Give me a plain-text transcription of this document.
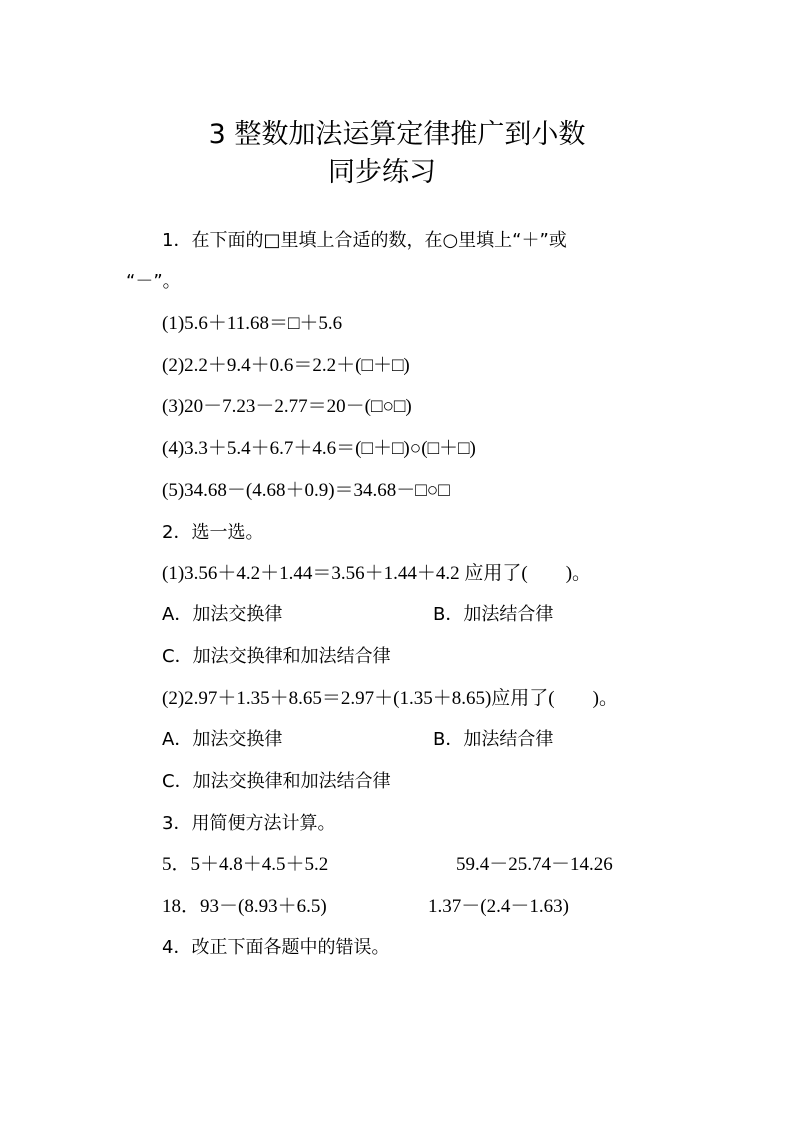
3 整数加法运算定律推广到小数
同步练习
1．在下面的□里填上合适的数，在○里填上“＋”或
“－”。
(1)5.6＋11.68＝□＋5.6
(2)2.2＋9.4＋0.6＝2.2＋(□＋□)
(3)20－7.23－2.77＝20－(□○□)
(4)3.3＋5.4＋6.7＋4.6＝(□＋□)○(□＋□)
(5)34.68－(4.68＋0.9)＝34.68－□○□
2．选一选。
(1)3.56＋4.2＋1.44＝3.56＋1.44＋4.2 应用了(　　)。
A．加法交换律	B．加法结合律
C．加法交换律和加法结合律
(2)2.97＋1.35＋8.65＝2.97＋(1.35＋8.65)应用了(　　)。
A．加法交换律	B．加法结合律
C．加法交换律和加法结合律
3．用简便方法计算。
5．5＋4.8＋4.5＋5.2	59.4－25.74－14.26
18．93－(8.93＋6.5)	1.37－(2.4－1.63)
4．改正下面各题中的错误。
